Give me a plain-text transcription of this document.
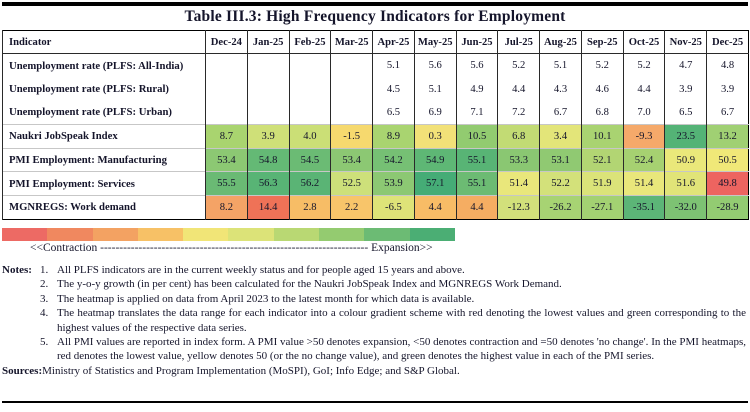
Table III.3: High Frequency Indicators for Employment
Indicator	Dec-24	Jan-25	Feb-25	Mar-25	Apr-25	May-25	Jun-25	Jul-25	Aug-25	Sep-25	Oct-25	Nov-25	Dec-25
Unemployment rate (PLFS: All-India)					5.1	5.6	5.6	5.2	5.1	5.2	5.2	4.7	4.8
Unemployment rate (PLFS: Rural)					4.5	5.1	4.9	4.4	4.3	4.6	4.4	3.9	3.9
Unemployment rate (PLFS: Urban)					6.5	6.9	7.1	7.2	6.7	6.8	7.0	6.5	6.7
Naukri JobSpeak Index	8.7	3.9	4.0	-1.5	8.9	0.3	10.5	6.8	3.4	10.1	-9.3	23.5	13.2
PMI Employment: Manufacturing	53.4	54.8	54.5	53.4	54.2	54.9	55.1	53.3	53.1	52.1	52.4	50.9	50.5
PMI Employment: Services	55.5	56.3	56.2	52.5	53.9	57.1	55.1	51.4	52.2	51.9	51.4	51.6	49.8
MGNREGS: Work demand	8.2	14.4	2.8	2.2	-6.5	4.4	4.4	-12.3	-26.2	-27.1	-35.1	-32.0	-28.9
<<Contraction ---------------------------------------------------------------------- Expansion>>
Notes: 1. All PLFS indicators are in the current weekly status and for people aged 15 years and above.
2. The y-o-y growth (in per cent) has been calculated for the Naukri JobSpeak Index and MGNREGS Work Demand.
3. The heatmap is applied on data from April 2023 to the latest month for which data is available.
4. The heatmap translates the data range for each indicator into a colour gradient scheme with red denoting the lowest values and green corresponding to the highest values of the respective data series.
5. All PMI values are reported in index form. A PMI value >50 denotes expansion, <50 denotes contraction and =50 denotes 'no change'. In the PMI heatmaps, red denotes the lowest value, yellow denotes 50 (or the no change value), and green denotes the highest value in each of the PMI series.
Sources: Ministry of Statistics and Program Implementation (MoSPI), GoI; Info Edge; and S&P Global.
